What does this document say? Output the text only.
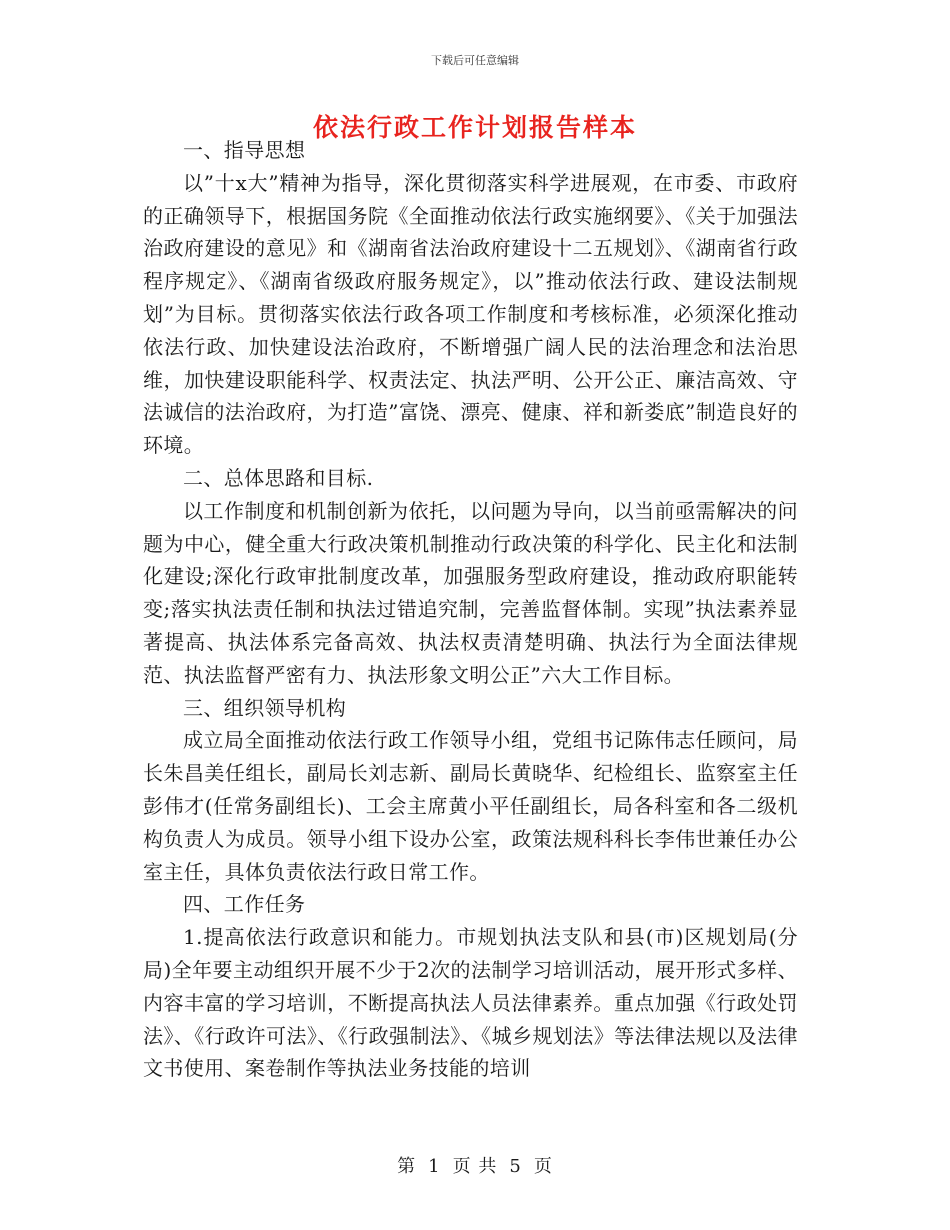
下载后可任意编辑
依法行政工作计划报告样本

一、指导思想

以”十x大”精神为指导，深化贯彻落实科学进展观，在市委、市政府的正确领导下，根据国务院《全面推动依法行政实施纲要》、《关于加强法治政府建设的意见》和《湖南省法治政府建设十二五规划》、《湖南省行政程序规定》、《湖南省级政府服务规定》，以”推动依法行政、建设法制规划”为目标。贯彻落实依法行政各项工作制度和考核标准，必须深化推动依法行政、加快建设法治政府，不断增强广阔人民的法治理念和法治思维，加快建设职能科学、权责法定、执法严明、公开公正、廉洁高效、守法诚信的法治政府，为打造”富饶、漂亮、健康、祥和新娄底”制造良好的环境。

二、总体思路和目标.

以工作制度和机制创新为依托，以问题为导向，以当前亟需解决的问题为中心，健全重大行政决策机制推动行政决策的科学化、民主化和法制化建设;深化行政审批制度改革，加强服务型政府建设，推动政府职能转变;落实执法责任制和执法过错追究制，完善监督体制。实现”执法素养显著提高、执法体系完备高效、执法权责清楚明确、执法行为全面法律规范、执法监督严密有力、执法形象文明公正”六大工作目标。

三、组织领导机构

成立局全面推动依法行政工作领导小组，党组书记陈伟志任顾问，局长朱昌美任组长，副局长刘志新、副局长黄晓华、纪检组长、监察室主任彭伟才(任常务副组长)、工会主席黄小平任副组长，局各科室和各二级机构负责人为成员。领导小组下设办公室，政策法规科科长李伟世兼任办公室主任，具体负责依法行政日常工作。

四、工作任务

1.提高依法行政意识和能力。市规划执法支队和县(市)区规划局(分局)全年要主动组织开展不少于2次的法制学习培训活动，展开形式多样、内容丰富的学习培训，不断提高执法人员法律素养。重点加强《行政处罚法》、《行政许可法》、《行政强制法》、《城乡规划法》等法律法规以及法律文书使用、案卷制作等执法业务技能的培训

第 1 页 共 5 页
